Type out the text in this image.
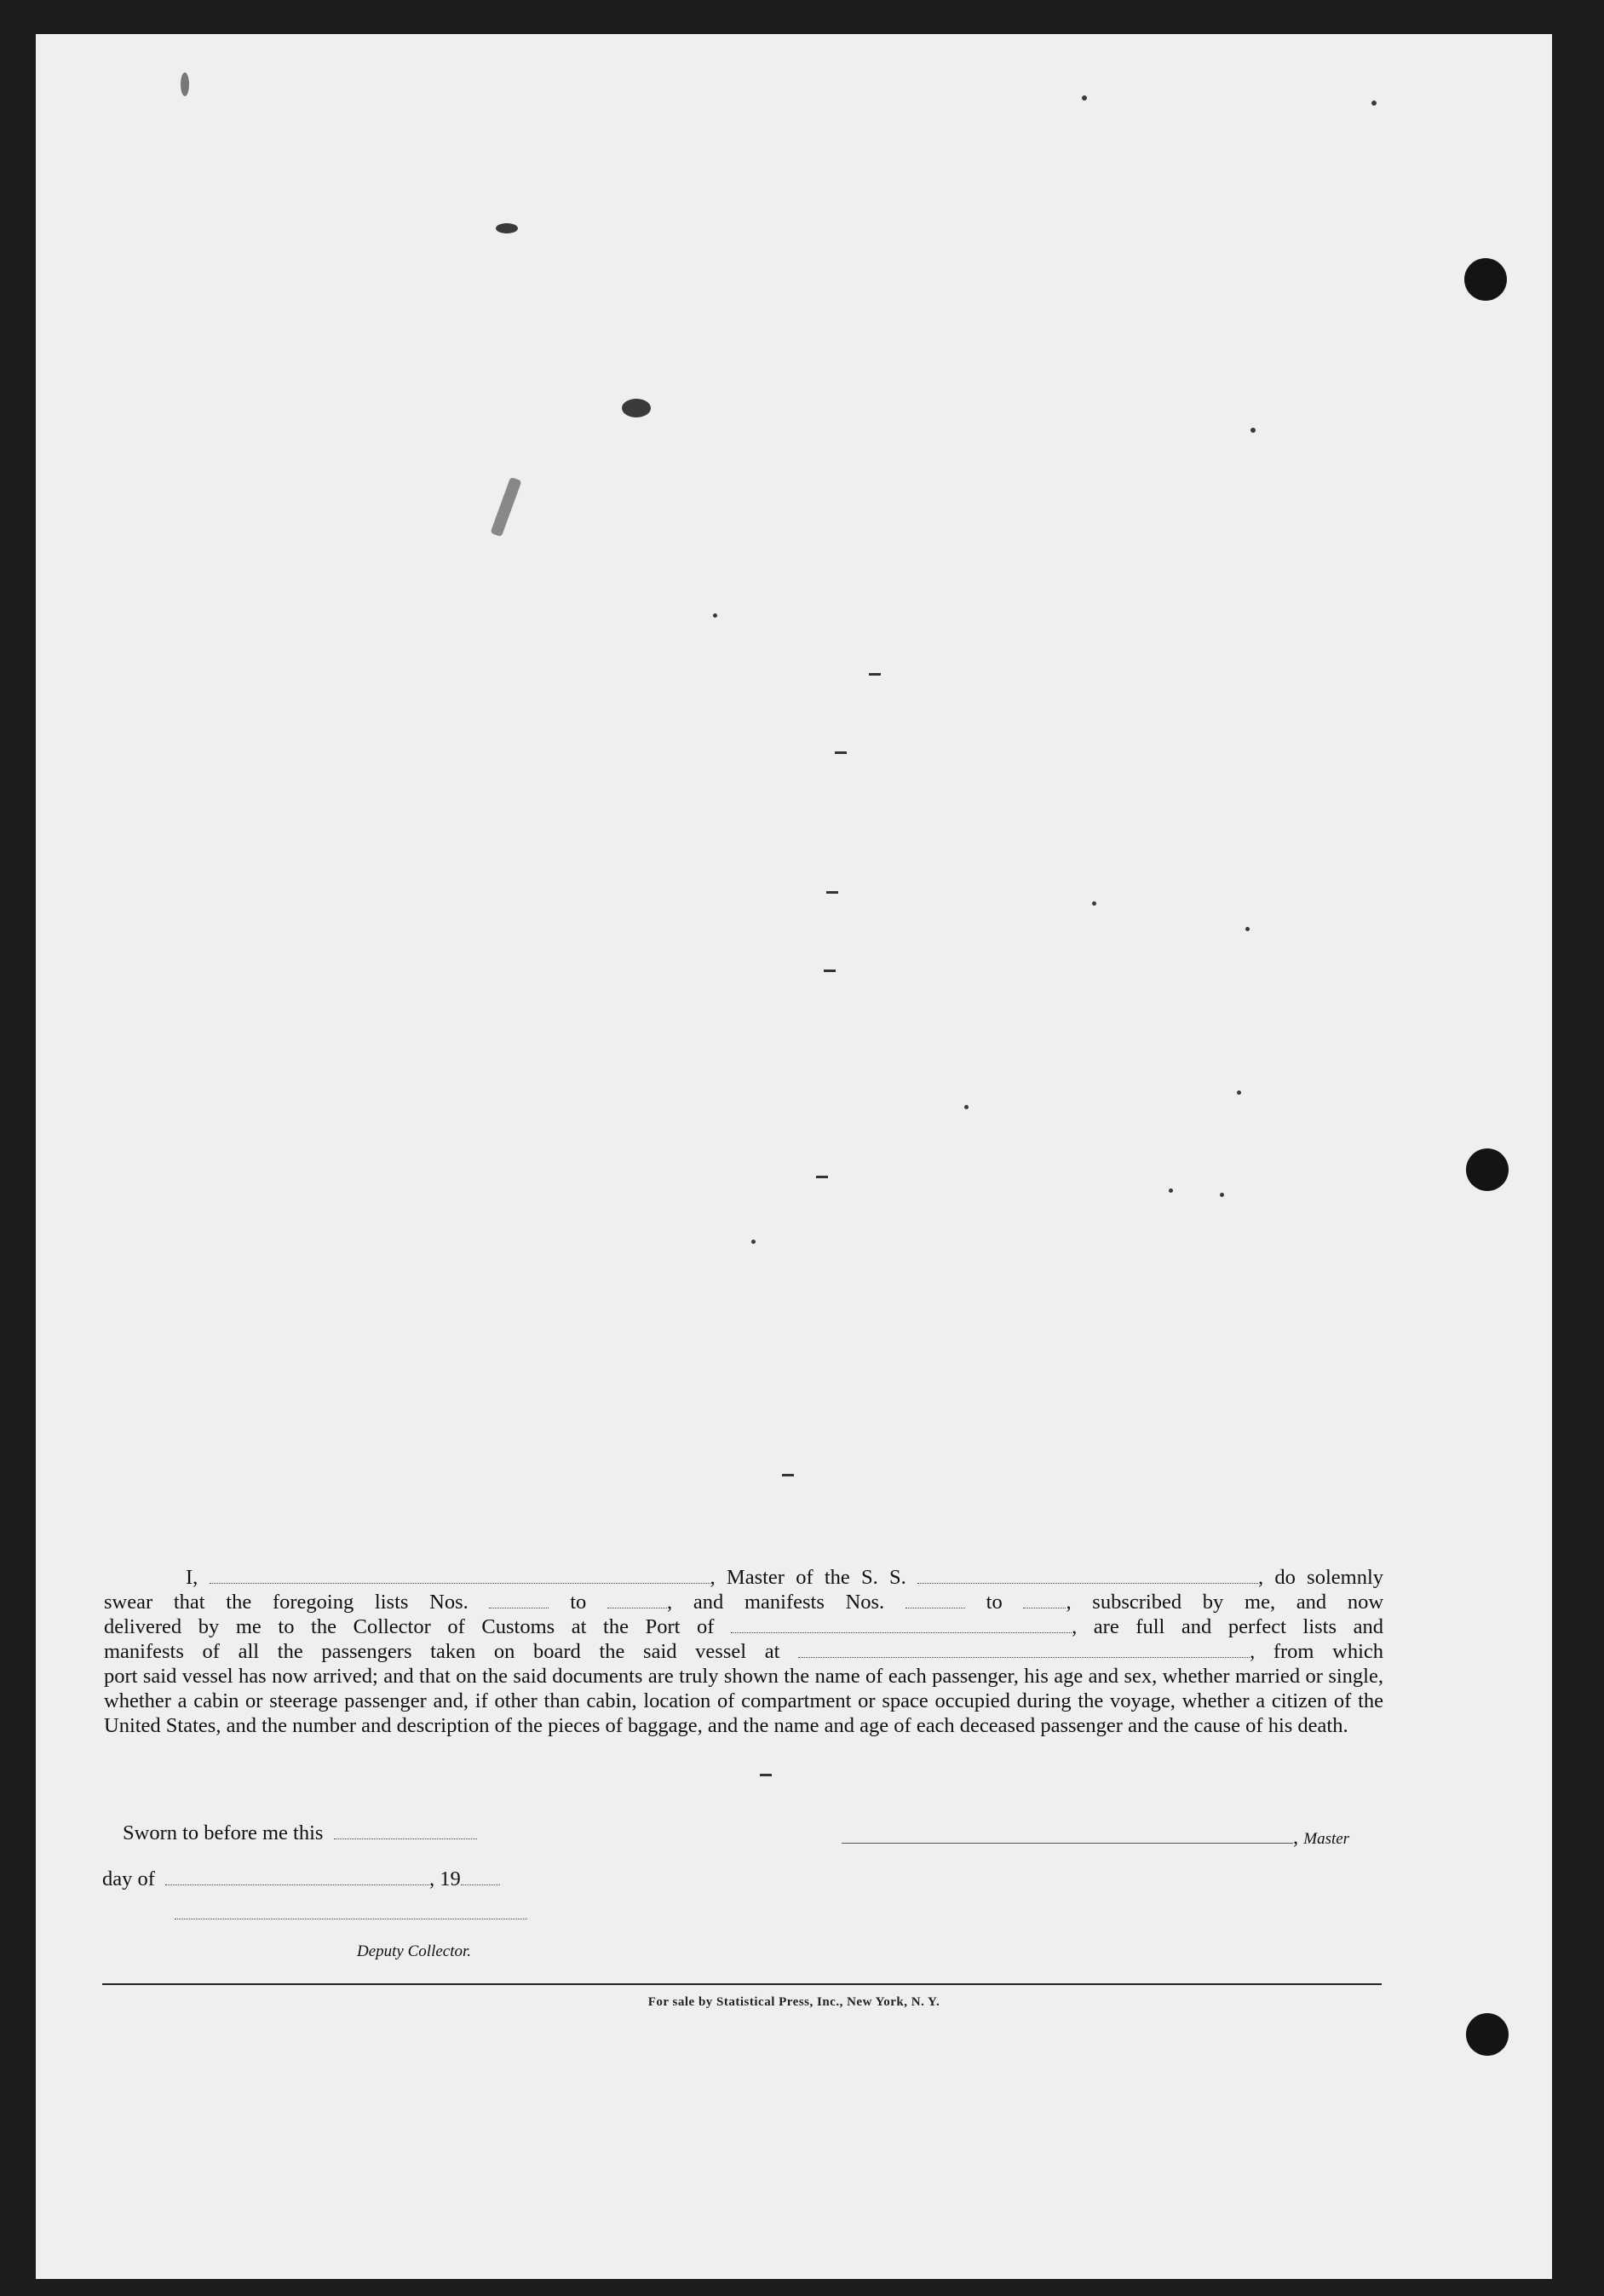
I,	, Master of the S. S.	, do solemnly

swear that the foregoing lists Nos.	to	, and manifests Nos.	to	, subscribed by me, and now

delivered by me to the Collector of Customs at the Port of	, are full and perfect lists and

manifests of all the passengers taken on board the said vessel at	, from which

port said vessel has now arrived; and that on the said documents are truly shown the name of each passenger, his age and sex, whether married or single, whether a cabin or steerage passenger and, if other than cabin, location of compartment or space occupied during the voyage, whether a citizen of the United States, and the number and description of the pieces of baggage, and the name and age of each deceased passenger and the cause of his death.

Sworn to before me this	, Master
day of	, 19
Deputy Collector.
For sale by Statistical Press, Inc., New York, N. Y.
